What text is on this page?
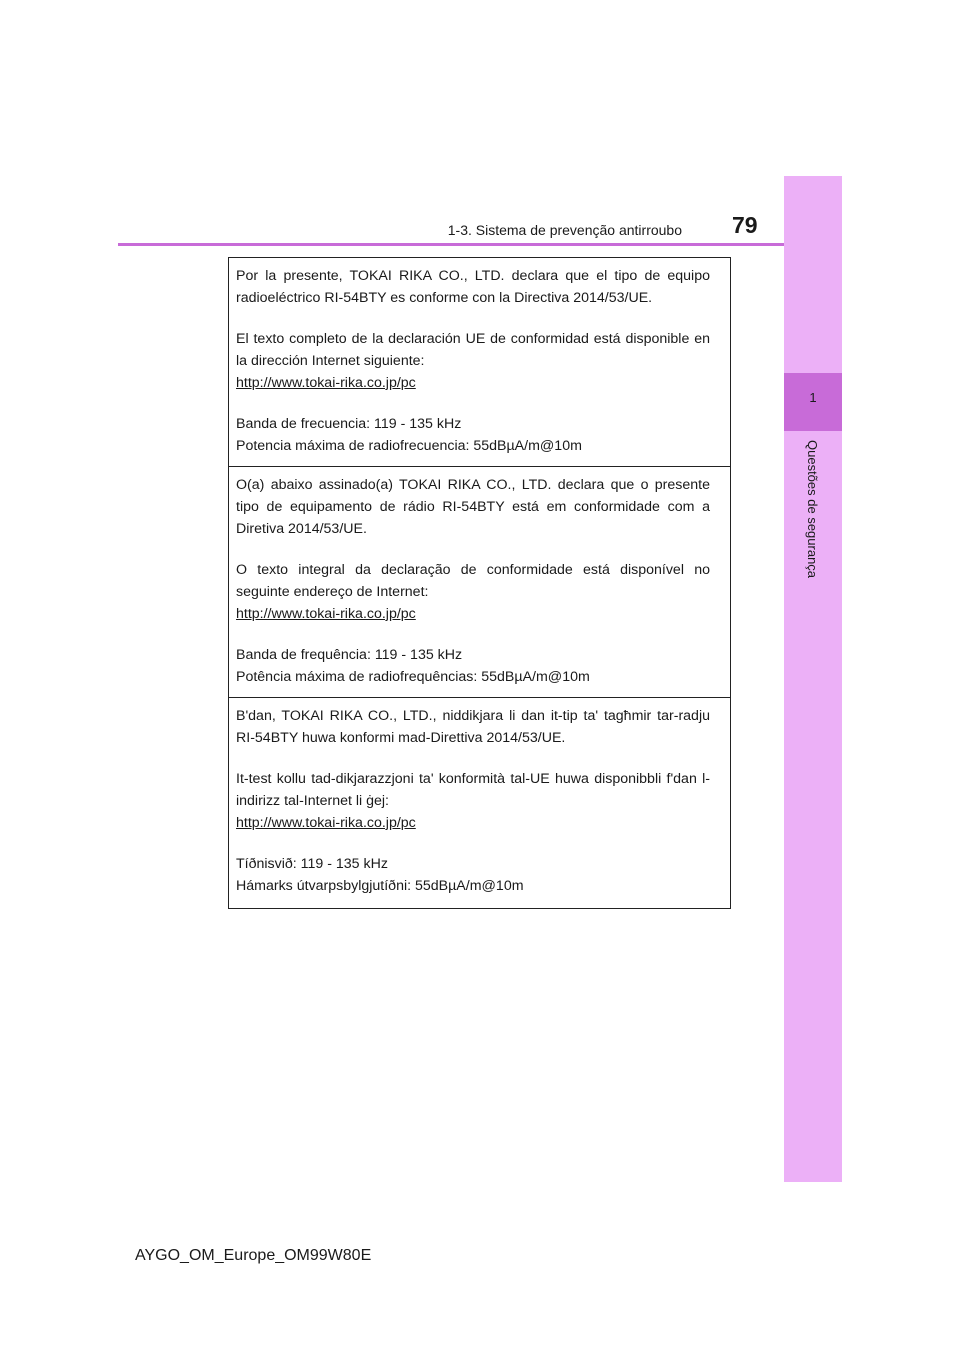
1
Questões de segurança
1-3. Sistema de prevenção antirroubo 79

Por la presente, TOKAI RIKA CO., LTD. declara que el tipo de equipo radioeléctrico RI-54BTY es conforme con la Directiva 2014/53/UE.

El texto completo de la declaración UE de conformidad está disponible en la dirección Internet siguiente:

http://www.tokai-rika.co.jp/pc

Banda de frecuencia: 119 - 135 kHz

Potencia máxima de radiofrecuencia: 55dBµA/m@10m

O(a) abaixo assinado(a) TOKAI RIKA CO., LTD. declara que o presente tipo de equipamento de rádio RI-54BTY está em conformidade com a Diretiva 2014/53/UE.

O texto integral da declaração de conformidade está disponível no seguinte endereço de Internet:

http://www.tokai-rika.co.jp/pc

Banda de frequência: 119 - 135 kHz

Potência máxima de radiofrequências: 55dBµA/m@10m

B'dan, TOKAI RIKA CO., LTD., niddikjara li dan it-tip ta' tagħmir tar-radju RI-54BTY huwa konformi mad-Direttiva 2014/53/UE.

It-test kollu tad-dikjarazzjoni ta' konformità tal-UE huwa disponibbli f'dan l-indirizz tal-Internet li ġej:

http://www.tokai-rika.co.jp/pc

Tíðnisvið: 119 - 135 kHz

Hámarks útvarpsbylgjutíðni: 55dBµA/m@10m

AYGO_OM_Europe_OM99W80E
